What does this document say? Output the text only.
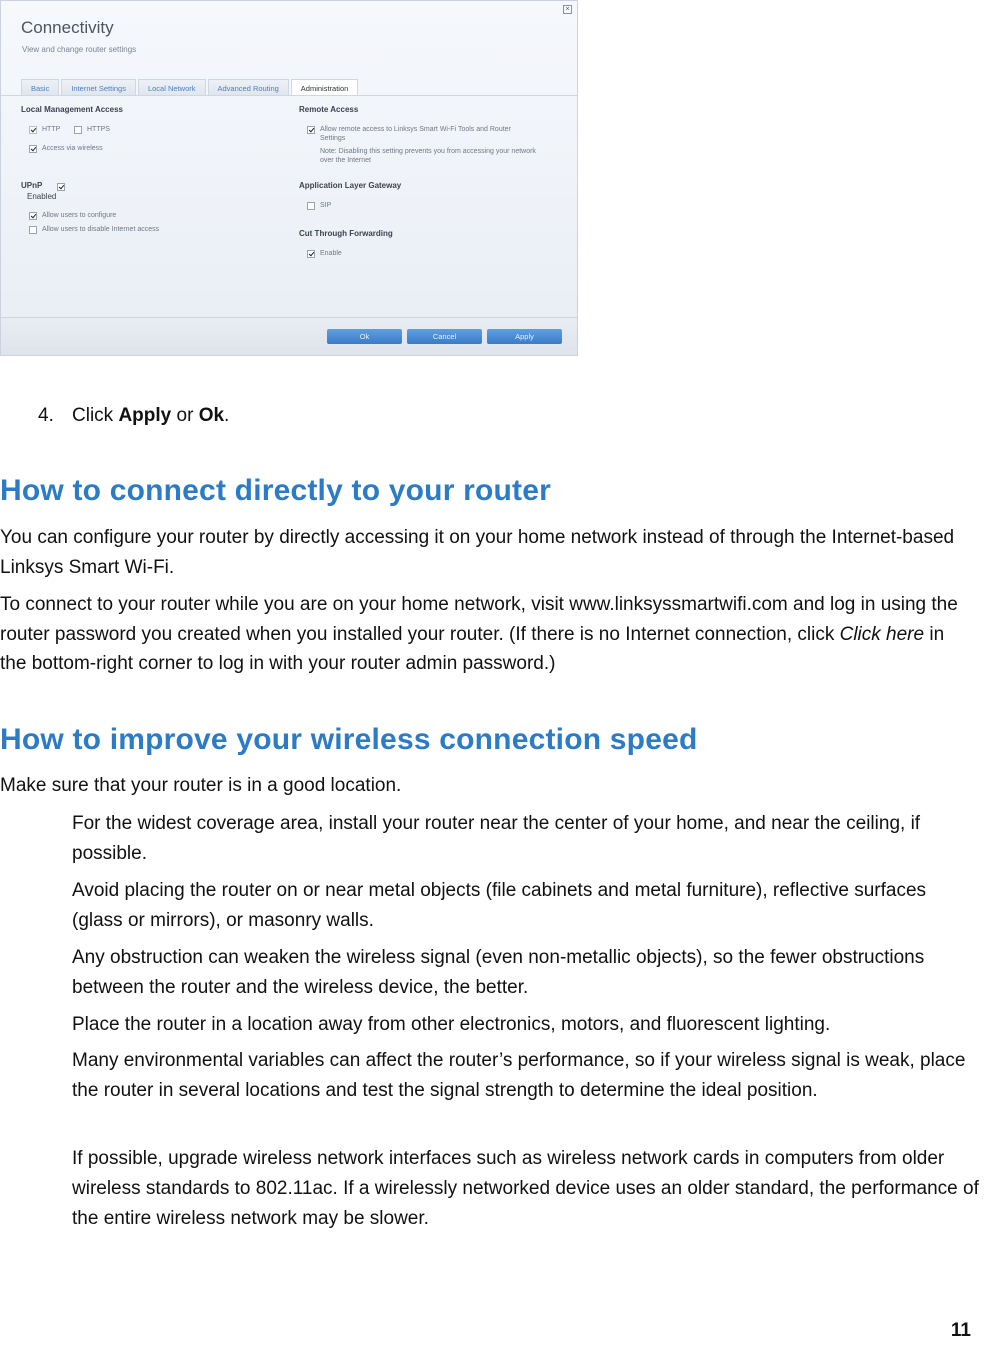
Connectivity
View and change router settings
×
Basic	Internet Settings	Local Network	Advanced Routing	Administration
Local Management Access
HTTP	HTTPS
Access via wireless
UPnP
Enabled
Allow users to configure
Allow users to disable Internet access
Remote Access
Allow remote access to Linksys Smart Wi-Fi Tools and Router Settings
Note: Disabling this setting prevents you from accessing your network over the Internet
Application Layer Gateway
SIP
Cut Through Forwarding
Enable
Ok	Cancel	Apply
4. Click Apply or Ok.
How to connect directly to your router
You can configure your router by directly accessing it on your home network instead of through the Internet-based Linksys Smart Wi-Fi.
To connect to your router while you are on your home network, visit www.linksyssmartwifi.com and log in using the router password you created when you installed your router. (If there is no Internet connection, click Click here in the bottom-right corner to log in with your router admin password.)
How to improve your wireless connection speed
Make sure that your router is in a good location.
For the widest coverage area, install your router near the center of your home, and near the ceiling, if possible.
Avoid placing the router on or near metal objects (file cabinets and metal furniture), reflective surfaces (glass or mirrors), or masonry walls.
Any obstruction can weaken the wireless signal (even non-metallic objects), so the fewer obstructions between the router and the wireless device, the better.
Place the router in a location away from other electronics, motors, and fluorescent lighting.
Many environmental variables can affect the router’s performance, so if your wireless signal is weak, place the router in several locations and test the signal strength to determine the ideal position.
If possible, upgrade wireless network interfaces such as wireless network cards in computers from older wireless standards to 802.11ac. If a wirelessly networked device uses an older standard, the performance of the entire wireless network may be slower.
11
